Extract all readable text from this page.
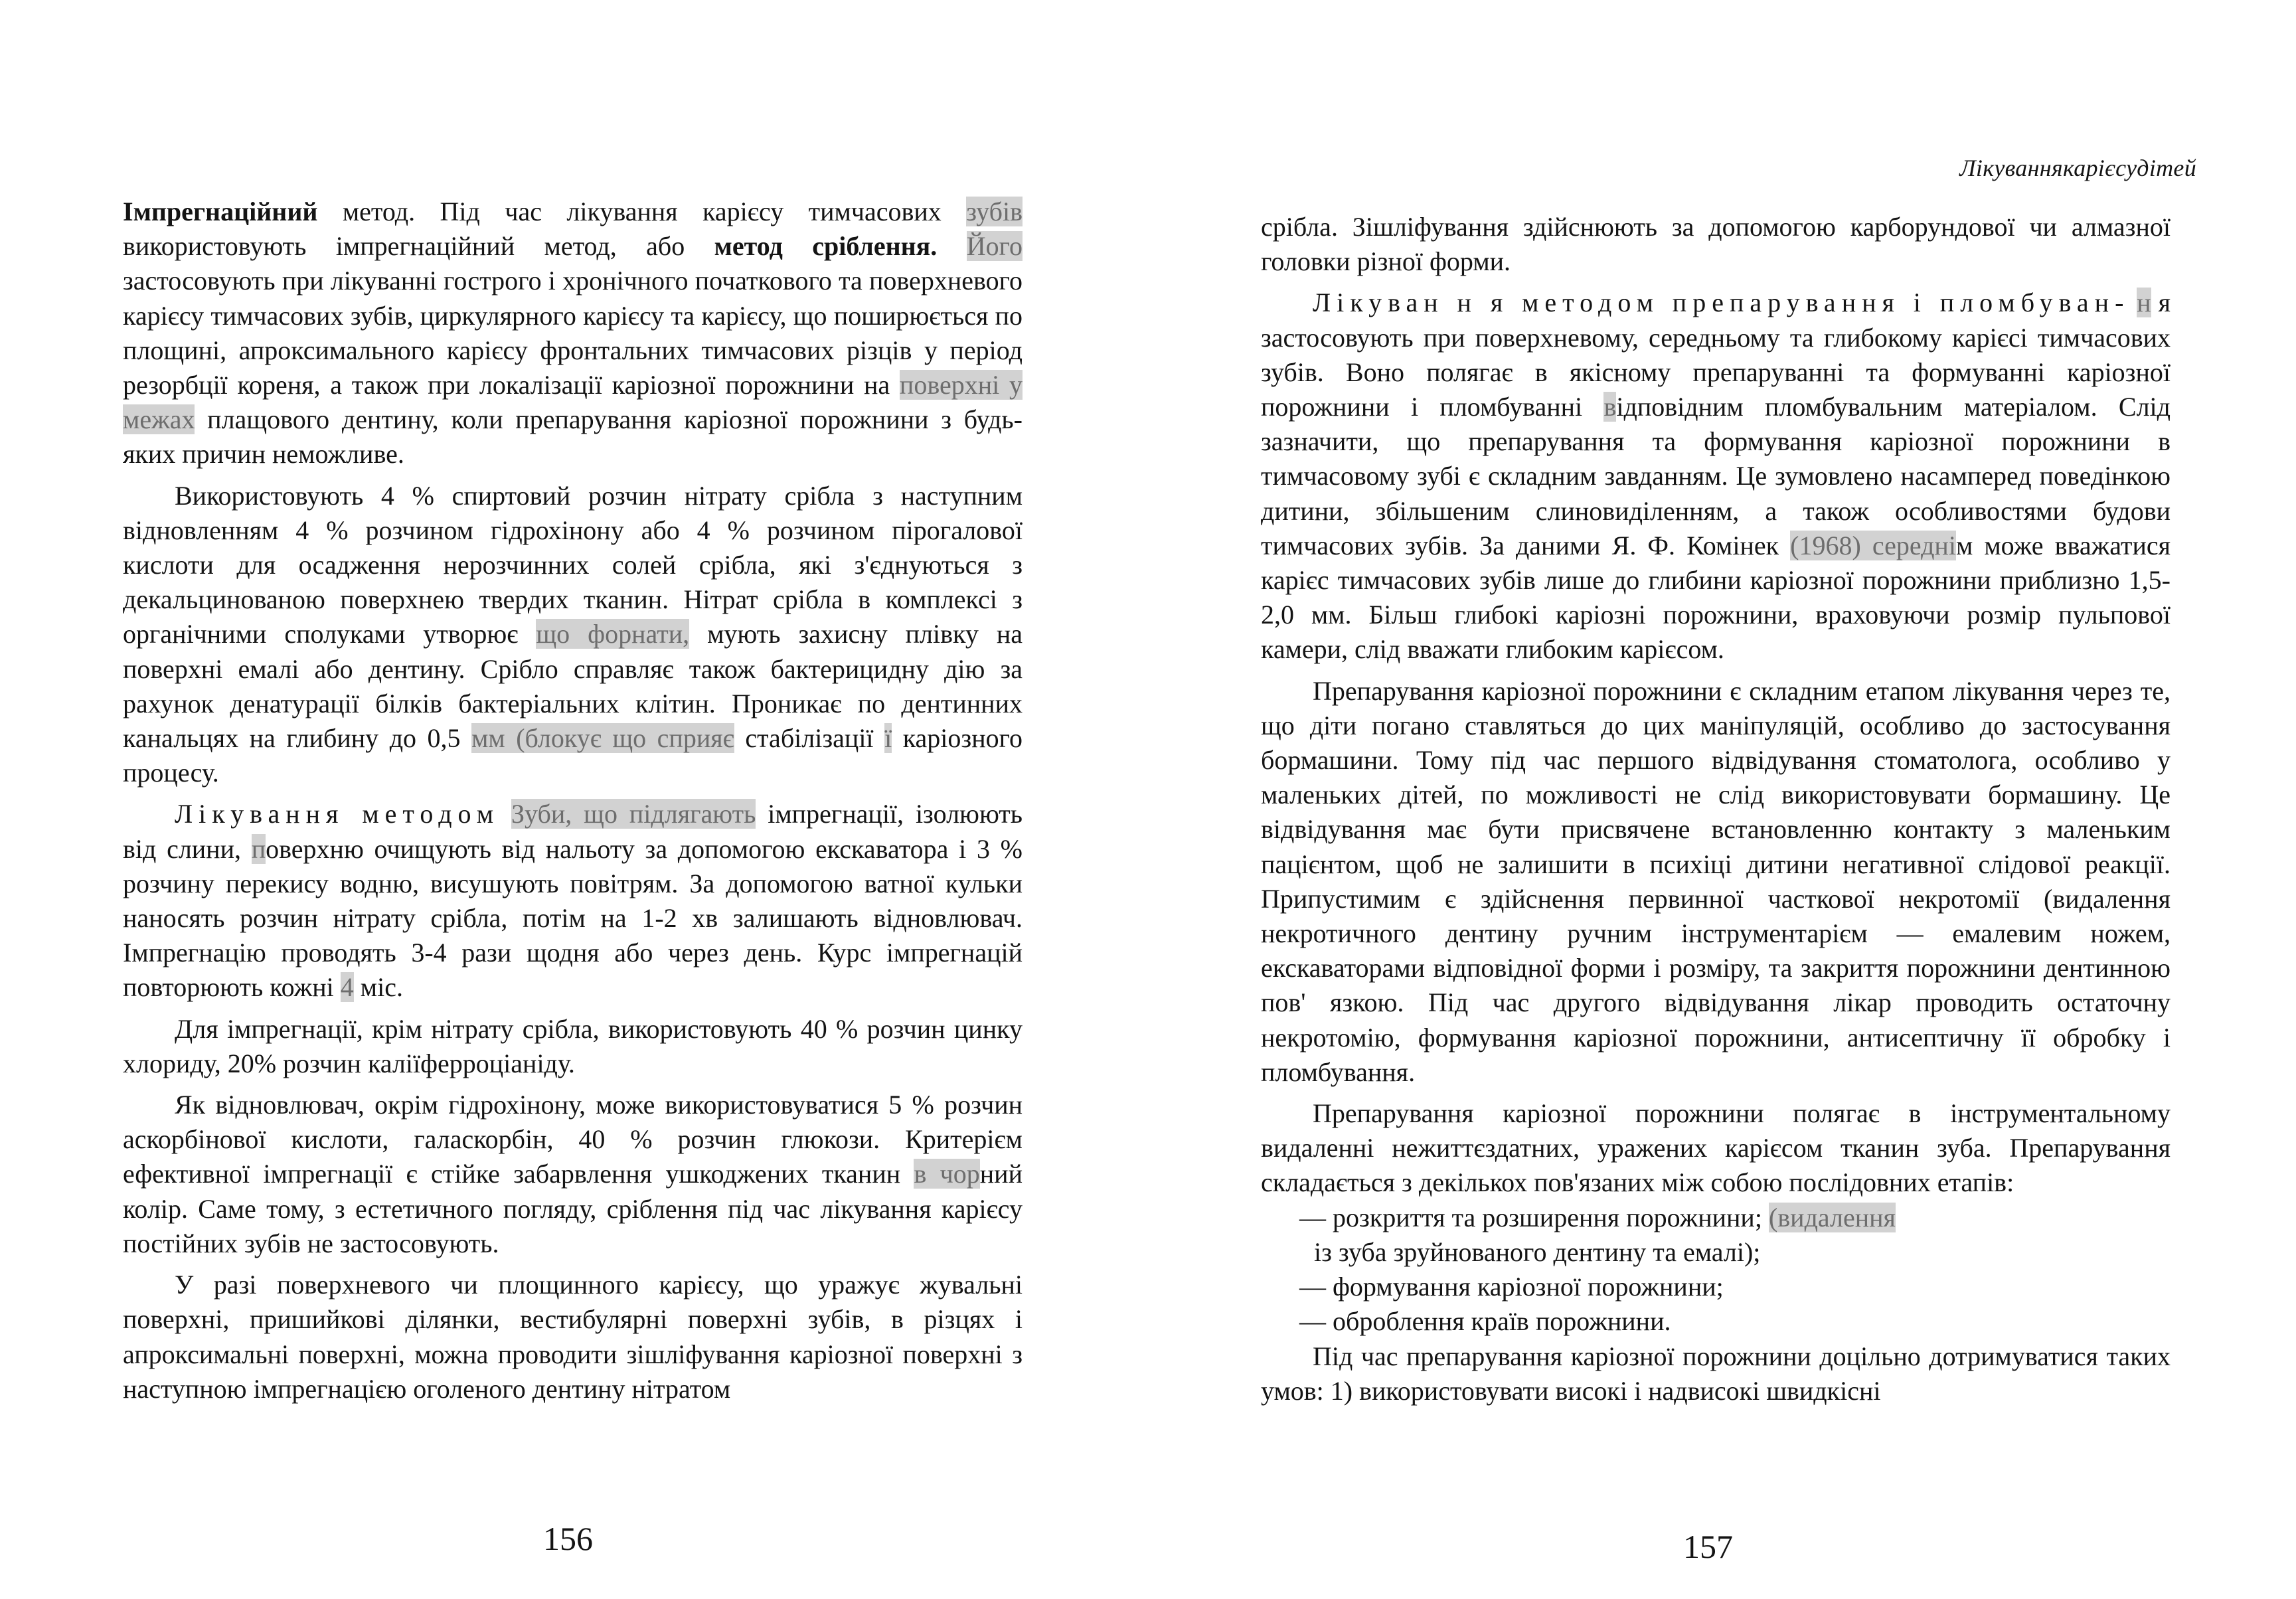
Імпрегнаційний метод. Під час лікування карієсу тимчасових зубів використовують імпрегнаційний метод, або метод сріблення. Його застосовують при лікуванні гострого і хронічного початкового та поверхневого карієсу тимчасових зубів, циркулярного карієсу та карієсу, що поширюється по площині, апроксимального карієсу фронтальних тимчасових різців у період резорбції кореня, а також при локалізації каріозної порожнини на поверхні у межах плащового дентину, коли препарування каріозної порожнини з будь-яких причин неможливе.

Використовують 4 % спиртовий розчин нітрату срібла з наступним відновленням 4 % розчином гідрохінону або 4 % розчином пірогалової кислоти для осадження нерозчинних солей срібла, які з'єднуються з декальцинованою поверхнею твердих тканин. Нітрат срібла в комплексі з органічними сполуками утворює що форнати, мують захисну плівку на поверхні емалі або дентину. Срібло справляє також бактерицидну дію за рахунок денатурації білків бактеріальних клітин. Проникає по дентинних канальцях на глибину до 0,5 мм (блокує що сприяє стабілізації ї каріозного процесу.

Лікування методом Зуби, що підлягають імпрегнації, ізолюють від слини, поверхню очищують від нальоту за допомогою екскаватора і 3 % розчину перекису водню, висушують повітрям. За допомогою ватної кульки наносять розчин нітрату срібла, потім на 1-2 хв залишають відновлювач. Імпрегнацію проводять 3-4 рази щодня або через день. Курс імпрегнацій повторюють кожні 4 міс.

Для імпрегнації, крім нітрату срібла, використовують 40 % розчин цинку хлориду, 20% розчин каліїферроціаніду.

Як відновлювач, окрім гідрохінону, може використовуватися 5 % розчин аскорбінової кислоти, галаскорбін, 40 % розчин глюкози. Критерієм ефективної імпрегнації є стійке забарвлення ушкоджених тканин в чорний колір. Саме тому, з естетичного погляду, сріблення під час лікування карієсу постійних зубів не застосовують.

У разі поверхневого чи площинного карієсу, що уражує жувальні поверхні, пришийкові ділянки, вестибулярні поверхні зубів, в різцях і апроксимальні поверхні, можна проводити зішліфування каріозної поверхні з наступною імпрегнацією оголеного дентину нітратом

156
Лікуваннякарієсудітей

срібла. Зішліфування здійснюють за допомогою карборундової чи алмазної головки різної форми.

Лікуван н я методом препарування і пломбуван- н я застосовують при поверхневому, середньому та глибокому карієсі тимчасових зубів. Воно полягає в якісному препаруванні та формуванні каріозної порожнини і пломбуванні відповідним пломбувальним матеріалом. Слід зазначити, що препарування та формування каріозної порожнини в тимчасовому зубі є складним завданням. Це зумовлено насамперед поведінкою дитини, збільшеним слиновиділенням, а також особливостями будови тимчасових зубів. За даними Я. Ф. Комінек (1968) середнім може вважатися карієс тимчасових зубів лише до глибини каріозної порожнини приблизно 1,5-2,0 мм. Більш глибокі каріозні порожнини, враховуючи розмір пульпової камери, слід вважати глибоким карієсом.

Препарування каріозної порожнини є складним етапом лікування через те, що діти погано ставляться до цих маніпуляцій, особливо до застосування бормашини. Тому під час першого відвідування стоматолога, особливо у маленьких дітей, по можливості не слід використовувати бормашину. Це відвідування має бути присвячене встановленню контакту з маленьким пацієнтом, щоб не залишити в психіці дитини негативної слідової реакції. Припустимим є здійснення первинної часткової некротомії (видалення некротичного дентину ручним інструментарієм — емалевим ножем, екскаваторами відповідної форми і розміру, та закриття порожнини дентинною пов' язкою. Під час другого відвідування лікар проводить остаточну некротомію, формування каріозної порожнини, антисептичну її обробку і пломбування.

Препарування каріозної порожнини полягає в інструментальному видаленні нежиттєздатних, уражених карієсом тканин зуба. Препарування складається з декількох пов'язаних між собою послідовних етапів:

— розкриття та розширення порожнини; (видалення
із зуба зруйнованого дентину та емалі);
— формування каріозної порожнини;
— оброблення країв порожнини.

Під час препарування каріозної порожнини доцільно дотримуватися таких умов: 1) використовувати високі і надвисокі швидкісні

157
